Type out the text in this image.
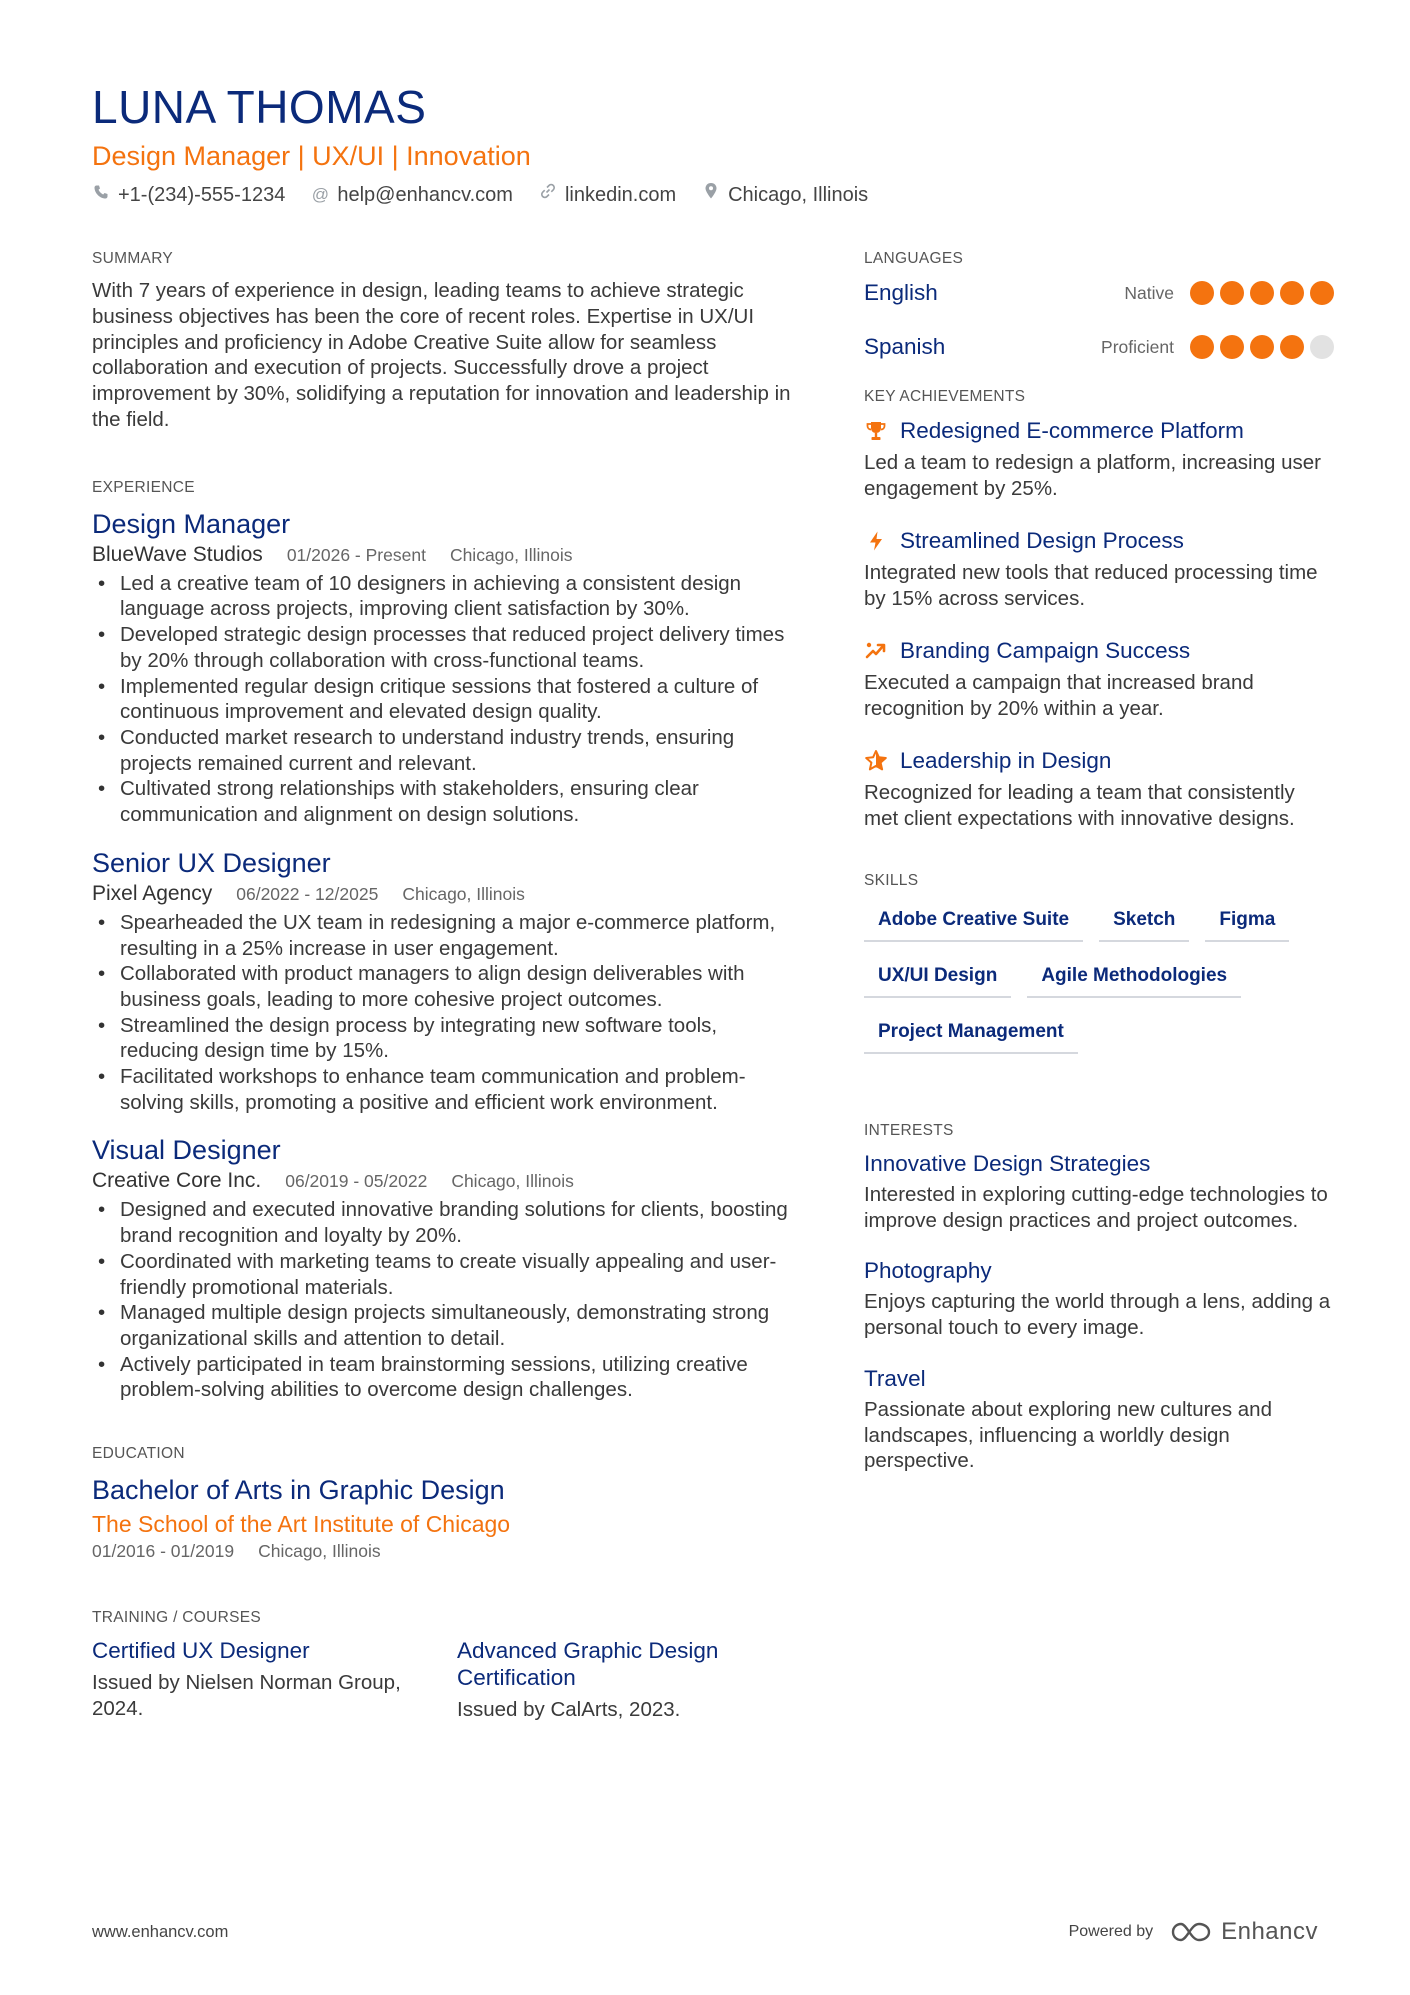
LUNA THOMAS
Design Manager | UX/UI | Innovation
+1-(234)-555-1234 @ help@enhancv.com	linkedin.com	Chicago, Illinois
SUMMARY
With 7 years of experience in design, leading teams to achieve strategic business objectives has been the core of recent roles. Expertise in UX/UI principles and proficiency in Adobe Creative Suite allow for seamless collaboration and execution of projects. Successfully drove a project improvement by 30%, solidifying a reputation for innovation and leadership in the field.
EXPERIENCE
Design Manager
BlueWave Studios 01/2026 - Present Chicago, Illinois
• Led a creative team of 10 designers in achieving a consistent design language across projects, improving client satisfaction by 30%.
• Developed strategic design processes that reduced project delivery times by 20% through collaboration with cross-functional teams.
• Implemented regular design critique sessions that fostered a culture of continuous improvement and elevated design quality.
• Conducted market research to understand industry trends, ensuring projects remained current and relevant.
• Cultivated strong relationships with stakeholders, ensuring clear communication and alignment on design solutions.
Senior UX Designer
Pixel Agency 06/2022 - 12/2025 Chicago, Illinois
• Spearheaded the UX team in redesigning a major e-commerce platform, resulting in a 25% increase in user engagement.
• Collaborated with product managers to align design deliverables with business goals, leading to more cohesive project outcomes.
• Streamlined the design process by integrating new software tools, reducing design time by 15%.
• Facilitated workshops to enhance team communication and problem-solving skills, promoting a positive and efficient work environment.
Visual Designer
Creative Core Inc. 06/2019 - 05/2022 Chicago, Illinois
• Designed and executed innovative branding solutions for clients, boosting brand recognition and loyalty by 20%.
• Coordinated with marketing teams to create visually appealing and user-friendly promotional materials.
• Managed multiple design projects simultaneously, demonstrating strong organizational skills and attention to detail.
• Actively participated in team brainstorming sessions, utilizing creative problem-solving abilities to overcome design challenges.
EDUCATION
Bachelor of Arts in Graphic Design
The School of the Art Institute of Chicago
01/2016 - 01/2019 Chicago, Illinois
TRAINING / COURSES
Certified UX Designer
Issued by Nielsen Norman Group, 2024.
Advanced Graphic Design Certification
Issued by CalArts, 2023.
LANGUAGES
English	Native
Spanish	Proficient
KEY ACHIEVEMENTS
Redesigned E-commerce Platform
Led a team to redesign a platform, increasing user engagement by 25%.
Streamlined Design Process
Integrated new tools that reduced processing time by 15% across services.
Branding Campaign Success
Executed a campaign that increased brand recognition by 20% within a year.
Leadership in Design
Recognized for leading a team that consistently met client expectations with innovative designs.
SKILLS
Adobe Creative Suite	Sketch	Figma
UX/UI Design	Agile Methodologies
Project Management
INTERESTS
Innovative Design Strategies
Interested in exploring cutting-edge technologies to improve design practices and project outcomes.
Photography
Enjoys capturing the world through a lens, adding a personal touch to every image.
Travel
Passionate about exploring new cultures and landscapes, influencing a worldly design perspective.
www.enhancv.com	Powered by	Enhancv
